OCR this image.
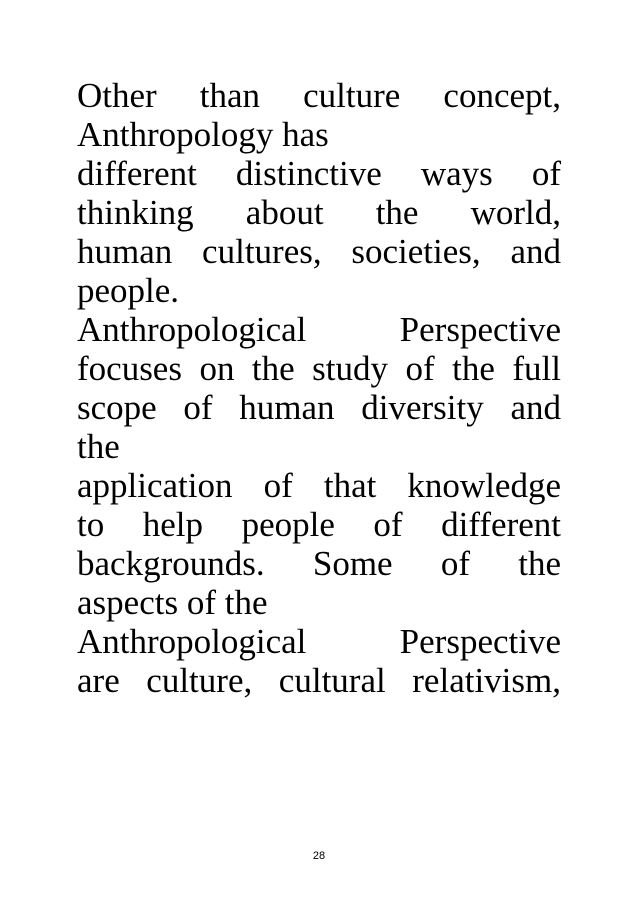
Other than culture concept,
Anthropology has
different distinctive ways of
thinking about the world,
human cultures, societies, and
people.
Anthropological Perspective
focuses on the study of the full
scope of human diversity and
the
application of that knowledge
to help people of different
backgrounds. Some of the
aspects of the
Anthropological Perspective
are culture, cultural relativism,
28
